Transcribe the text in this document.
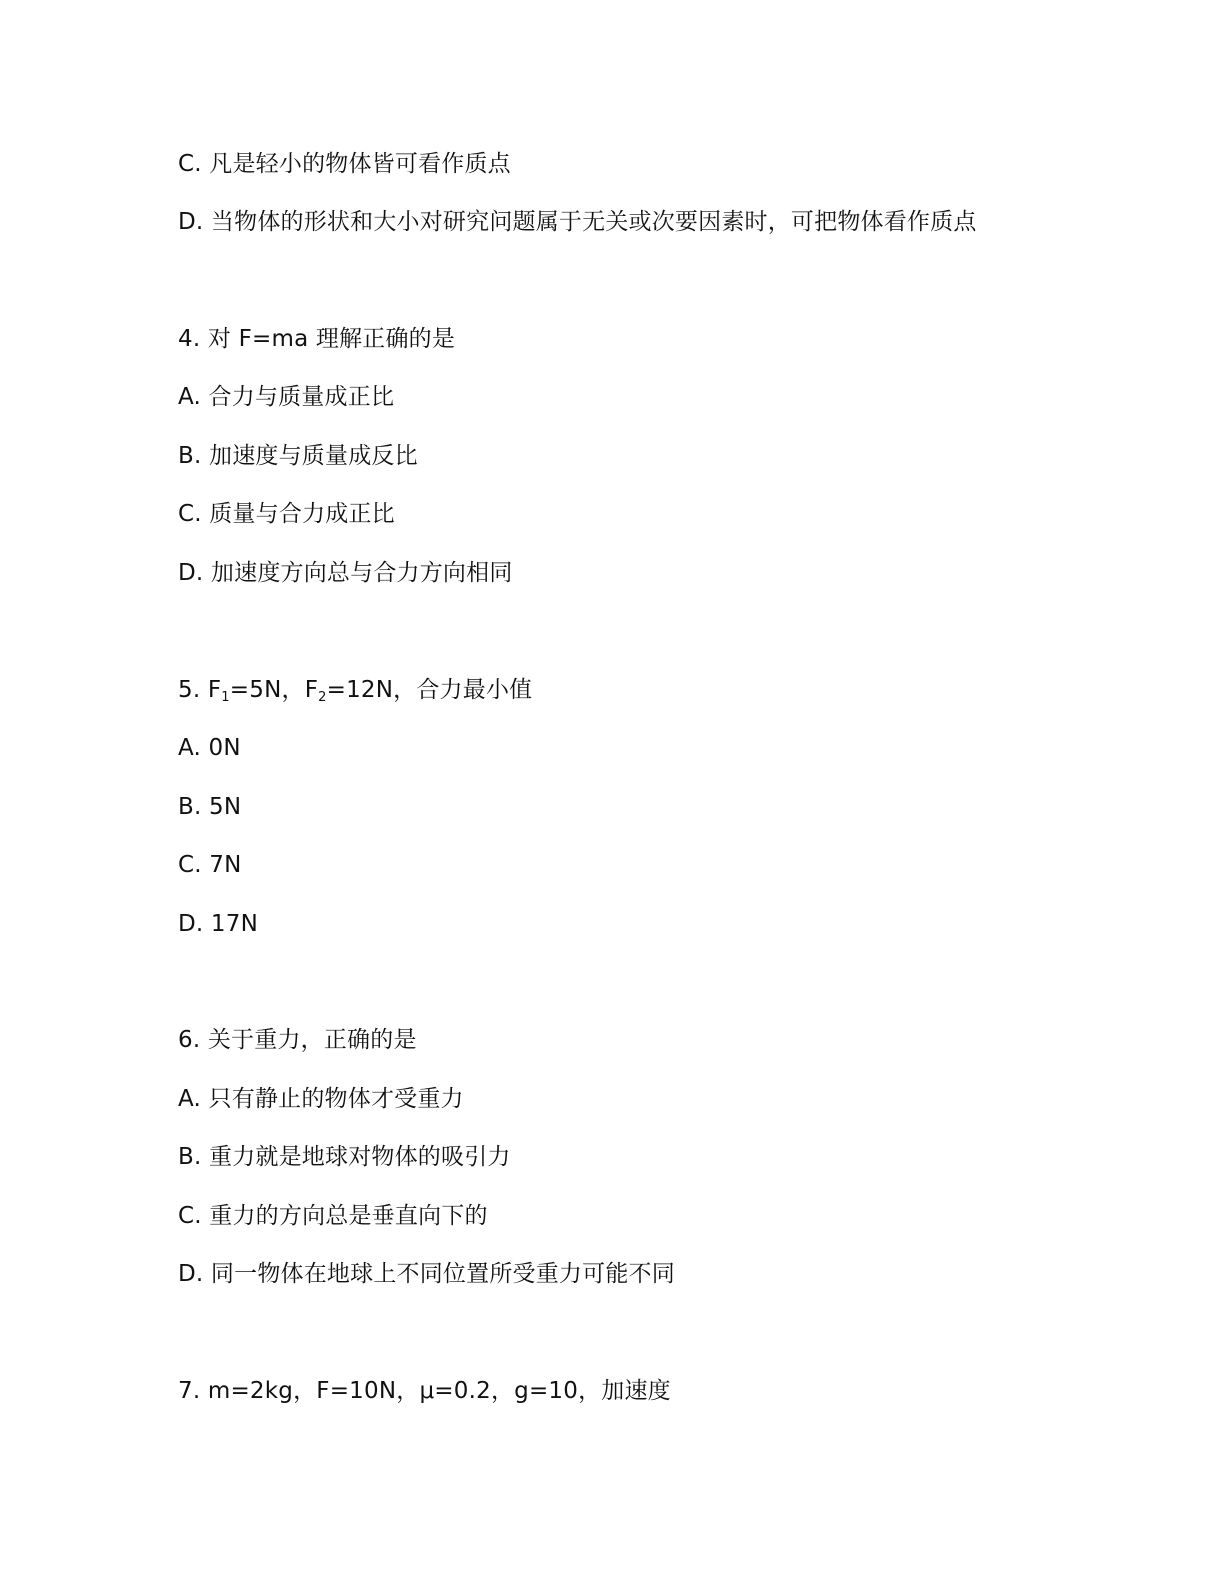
C. 凡是轻小的物体皆可看作质点
D. 当物体的形状和大小对研究问题属于无关或次要因素时，可把物体看作质点
4. 对 F=ma 理解正确的是
A. 合力与质量成正比
B. 加速度与质量成反比
C. 质量与合力成正比
D. 加速度方向总与合力方向相同
5. $F_1=5N$，$F_2=12N$，合力最小值
A. 0N
B. 5N
C. 7N
D. 17N
6. 关于重力，正确的是
A. 只有静止的物体才受重力
B. 重力就是地球对物体的吸引力
C. 重力的方向总是垂直向下的
D. 同一物体在地球上不同位置所受重力可能不同
7. m=2kg，F=10N，μ=0.2，g=10，加速度
